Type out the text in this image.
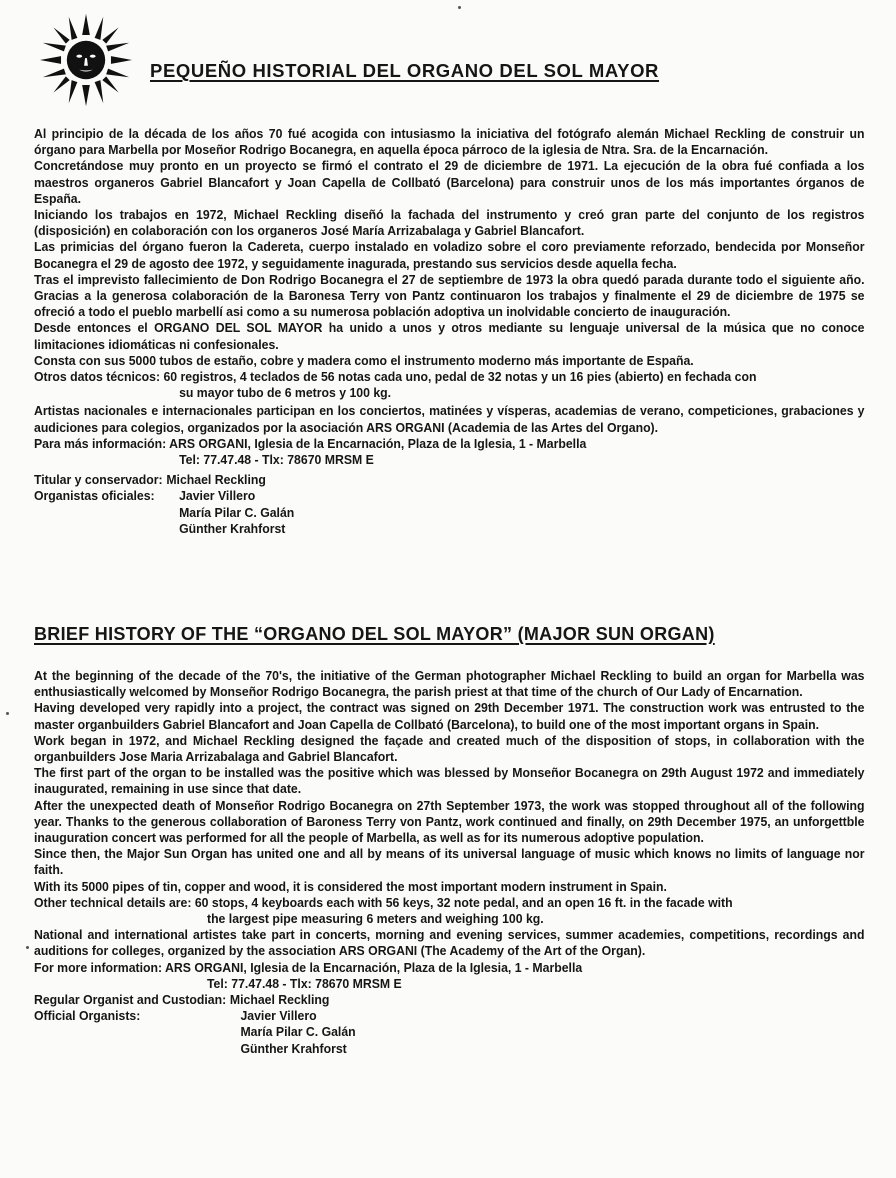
PEQUEÑO HISTORIAL DEL ORGANO DEL SOL MAYOR

Al principio de la década de los años 70 fué acogida con intusiasmo la iniciativa del fotógrafo alemán Michael Reckling de construir un órgano para Marbella por Moseñor Rodrigo Bocanegra, en aquella época párroco de la iglesia de Ntra. Sra. de la Encarnación.

Concretándose muy pronto en un proyecto se firmó el contrato el 29 de diciembre de 1971. La ejecución de la obra fué confiada a los maestros organeros Gabriel Blancafort y Joan Capella de Collbató (Barcelona) para construir unos de los más importantes órganos de España.

Iniciando los trabajos en 1972, Michael Reckling diseñó la fachada del instrumento y creó gran parte del conjunto de los registros (disposición) en colaboración con los organeros José María Arrizabalaga y Gabriel Blancafort.

Las primicias del órgano fueron la Cadereta, cuerpo instalado en voladizo sobre el coro previamente reforzado, bendecida por Monseñor Bocanegra el 29 de agosto dee 1972, y seguidamente inagurada, prestando sus servicios desde aquella fecha.

Tras el imprevisto fallecimiento de Don Rodrigo Bocanegra el 27 de septiembre de 1973 la obra quedó parada durante todo el siguiente año. Gracias a la generosa colaboración de la Baronesa Terry von Pantz continuaron los trabajos y finalmente el 29 de diciembre de 1975 se ofreció a todo el pueblo marbellí asi como a su numerosa población adoptiva un inolvidable concierto de inauguración.

Desde entonces el ORGANO DEL SOL MAYOR ha unido a unos y otros mediante su lenguaje universal de la música que no conoce limitaciones idiomáticas ni confesionales.

Consta con sus 5000 tubos de estaño, cobre y madera como el instrumento moderno más importante de España.

Otros datos técnicos: 60 registros, 4 teclados de 56 notas cada uno, pedal de 32 notas y un 16 pies (abierto) en fechada con

su mayor tubo de 6 metros y 100 kg.

Artistas nacionales e internacionales participan en los conciertos, matinées y vísperas, academias de verano, competiciones, grabaciones y audiciones para colegios, organizados por la asociación ARS ORGANI (Academia de las Artes del Organo).

Para más información: ARS ORGANI, Iglesia de la Encarnación, Plaza de la Iglesia, 1 - Marbella

Tel: 77.47.48 - Tlx: 78670 MRSM E
Titular y conservador: Michael Reckling
Organistas oficiales:	Javier Villero
María Pilar C. Galán
Günther Krahforst
BRIEF HISTORY OF THE “ORGANO DEL SOL MAYOR” (MAJOR SUN ORGAN)

At the beginning of the decade of the 70's, the initiative of the German photographer Michael Reckling to build an organ for Marbella was enthusiastically welcomed by Monseñor Rodrigo Bocanegra, the parish priest at that time of the church of Our Lady of Encarnation.

Having developed very rapidly into a project, the contract was signed on 29th December 1971. The construction work was entrusted to the master organbuilders Gabriel Blancafort and Joan Capella de Collbató (Barcelona), to build one of the most important organs in Spain.

Work began in 1972, and Michael Reckling designed the façade and created much of the disposition of stops, in collaboration with the organbuilders Jose Maria Arrizabalaga and Gabriel Blancafort.

The first part of the organ to be installed was the positive which was blessed by Monseñor Bocanegra on 29th August 1972 and immediately inaugurated, remaining in use since that date.

After the unexpected death of Monseñor Rodrigo Bocanegra on 27th September 1973, the work was stopped throughout all of the following year. Thanks to the generous collaboration of Baroness Terry von Pantz, work continued and finally, on 29th December 1975, an unforgettble inauguration concert was performed for all the people of Marbella, as well as for its numerous adoptive population.

Since then, the Major Sun Organ has united one and all by means of its universal language of music which knows no limits of language nor faith.

With its 5000 pipes of tin, copper and wood, it is considered the most important modern instrument in Spain.

Other technical details are: 60 stops, 4 keyboards each with 56 keys, 32 note pedal, and an open 16 ft. in the facade with

the largest pipe measuring 6 meters and weighing 100 kg.

National and international artistes take part in concerts, morning and evening services, summer academies, competitions, recordings and auditions for colleges, organized by the association ARS ORGANI (The Academy of the Art of the Organ).

For more information: ARS ORGANI, Iglesia de la Encarnación, Plaza de la Iglesia, 1 - Marbella

Tel: 77.47.48 - Tlx: 78670 MRSM E
Regular Organist and Custodian: Michael Reckling
Official Organists:	Javier Villero
María Pilar C. Galán
Günther Krahforst
